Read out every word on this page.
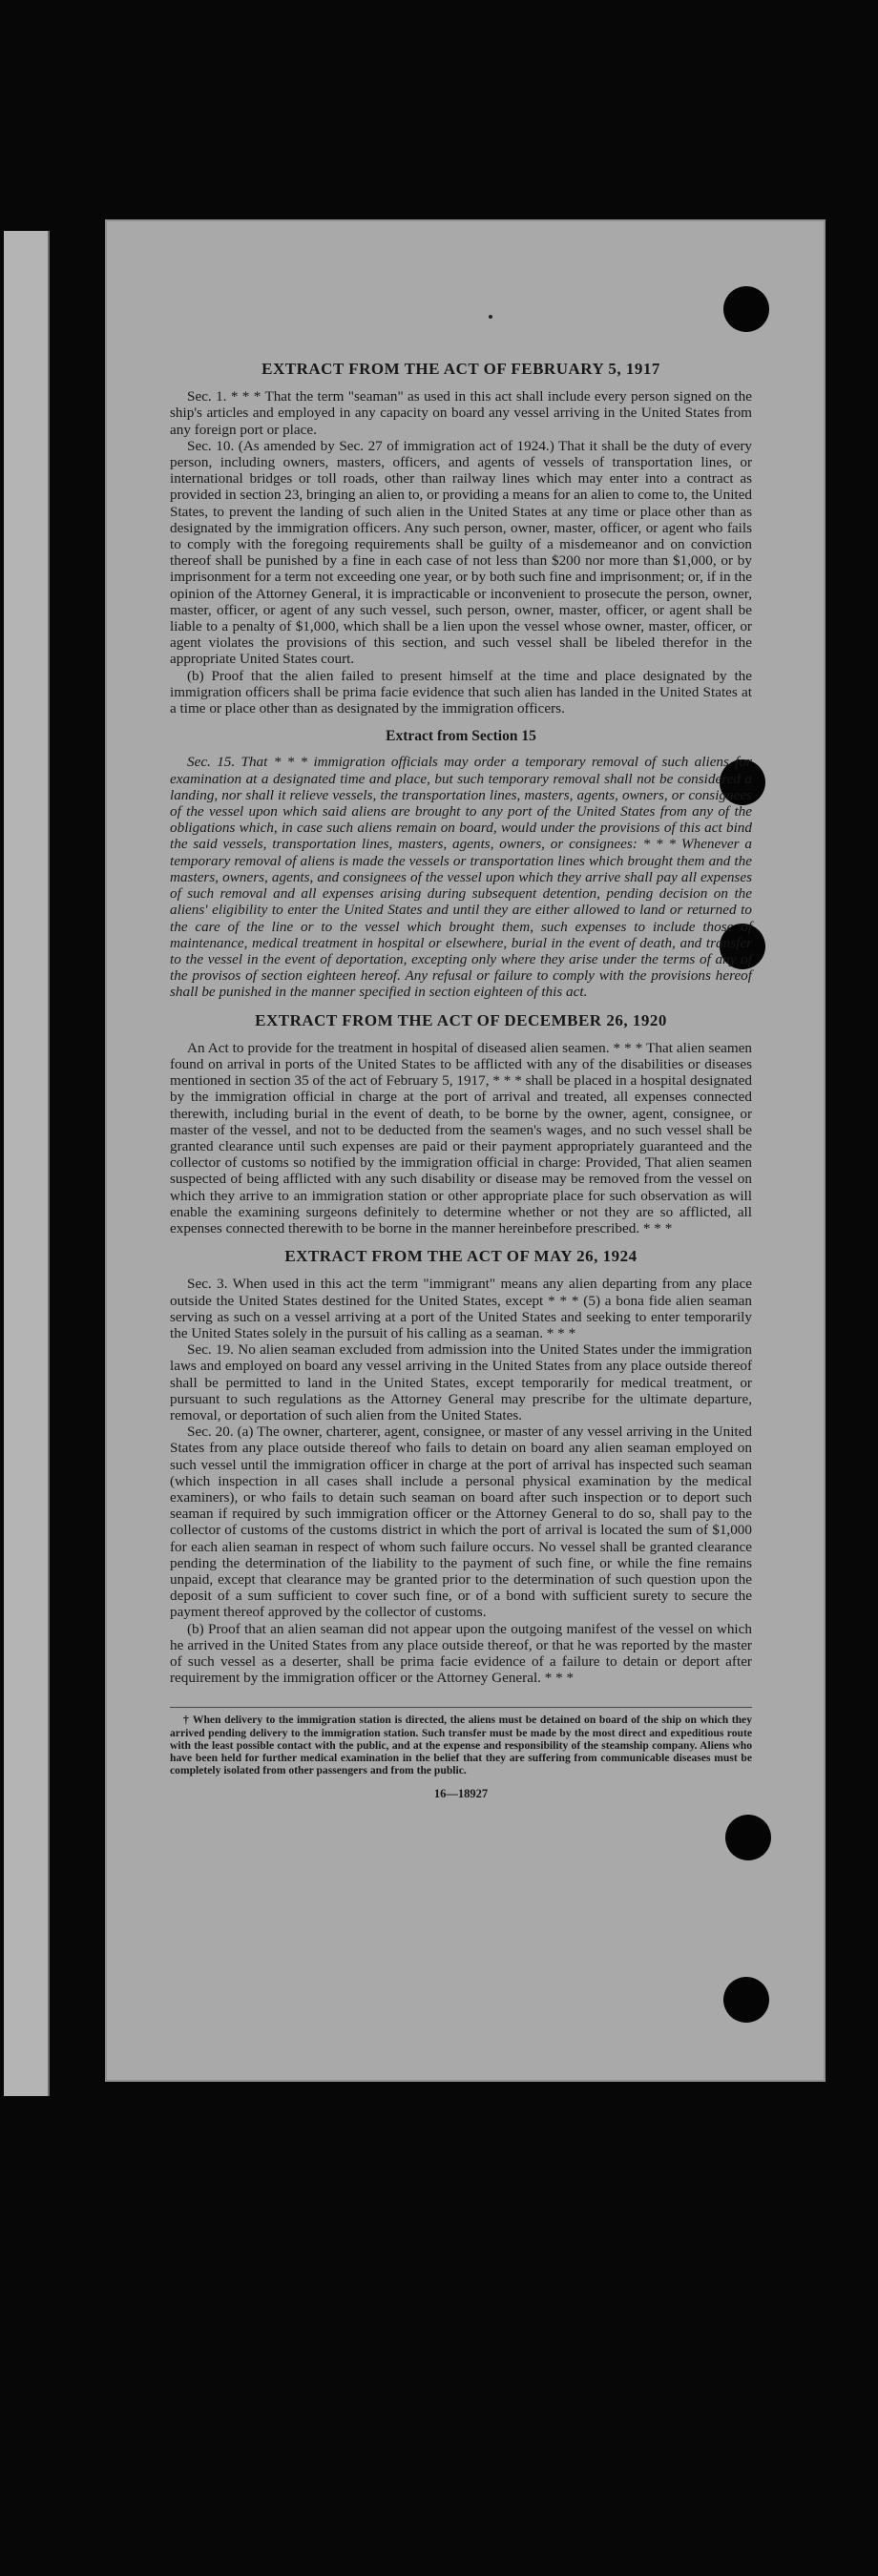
EXTRACT FROM THE ACT OF FEBRUARY 5, 1917

Sec. 1. * * * That the term "seaman" as used in this act shall include every person signed on the ship's articles and employed in any capacity on board any vessel arriving in the United States from any foreign port or place.

Sec. 10. (As amended by Sec. 27 of immigration act of 1924.) That it shall be the duty of every person, including owners, masters, officers, and agents of vessels of transportation lines, or international bridges or toll roads, other than railway lines which may enter into a contract as provided in section 23, bringing an alien to, or providing a means for an alien to come to, the United States, to prevent the landing of such alien in the United States at any time or place other than as designated by the immigration officers. Any such person, owner, master, officer, or agent who fails to comply with the foregoing requirements shall be guilty of a misdemeanor and on conviction thereof shall be punished by a fine in each case of not less than $200 nor more than $1,000, or by imprisonment for a term not exceeding one year, or by both such fine and imprisonment; or, if in the opinion of the Attorney General, it is impracticable or inconvenient to prosecute the person, owner, master, officer, or agent of any such vessel, such person, owner, master, officer, or agent shall be liable to a penalty of $1,000, which shall be a lien upon the vessel whose owner, master, officer, or agent violates the provisions of this section, and such vessel shall be libeled therefor in the appropriate United States court.

(b) Proof that the alien failed to present himself at the time and place designated by the immigration officers shall be prima facie evidence that such alien has landed in the United States at a time or place other than as designated by the immigration officers.

Extract from Section 15

Sec. 15. That * * * immigration officials may order a temporary removal of such aliens for examination at a designated time and place, but such temporary removal shall not be considered a landing, nor shall it relieve vessels, the transportation lines, masters, agents, owners, or consignees of the vessel upon which said aliens are brought to any port of the United States from any of the obligations which, in case such aliens remain on board, would under the provisions of this act bind the said vessels, transportation lines, masters, agents, owners, or consignees: * * * Whenever a temporary removal of aliens is made the vessels or transportation lines which brought them and the masters, owners, agents, and consignees of the vessel upon which they arrive shall pay all expenses of such removal and all expenses arising during subsequent detention, pending decision on the aliens' eligibility to enter the United States and until they are either allowed to land or returned to the care of the line or to the vessel which brought them, such expenses to include those of maintenance, medical treatment in hospital or elsewhere, burial in the event of death, and transfer to the vessel in the event of deportation, excepting only where they arise under the terms of any of the provisos of section eighteen hereof. Any refusal or failure to comply with the provisions hereof shall be punished in the manner specified in section eighteen of this act.

EXTRACT FROM THE ACT OF DECEMBER 26, 1920

An Act to provide for the treatment in hospital of diseased alien seamen. * * * That alien seamen found on arrival in ports of the United States to be afflicted with any of the disabilities or diseases mentioned in section 35 of the act of February 5, 1917, * * * shall be placed in a hospital designated by the immigration official in charge at the port of arrival and treated, all expenses connected therewith, including burial in the event of death, to be borne by the owner, agent, consignee, or master of the vessel, and not to be deducted from the seamen's wages, and no such vessel shall be granted clearance until such expenses are paid or their payment appropriately guaranteed and the collector of customs so notified by the immigration official in charge: Provided, That alien seamen suspected of being afflicted with any such disability or disease may be removed from the vessel on which they arrive to an immigration station or other appropriate place for such observation as will enable the examining surgeons definitely to determine whether or not they are so afflicted, all expenses connected therewith to be borne in the manner hereinbefore prescribed. * * *

EXTRACT FROM THE ACT OF MAY 26, 1924

Sec. 3. When used in this act the term "immigrant" means any alien departing from any place outside the United States destined for the United States, except * * * (5) a bona fide alien seaman serving as such on a vessel arriving at a port of the United States and seeking to enter temporarily the United States solely in the pursuit of his calling as a seaman. * * *

Sec. 19. No alien seaman excluded from admission into the United States under the immigration laws and employed on board any vessel arriving in the United States from any place outside thereof shall be permitted to land in the United States, except temporarily for medical treatment, or pursuant to such regulations as the Attorney General may prescribe for the ultimate departure, removal, or deportation of such alien from the United States.

Sec. 20. (a) The owner, charterer, agent, consignee, or master of any vessel arriving in the United States from any place outside thereof who fails to detain on board any alien seaman employed on such vessel until the immigration officer in charge at the port of arrival has inspected such seaman (which inspection in all cases shall include a personal physical examination by the medical examiners), or who fails to detain such seaman on board after such inspection or to deport such seaman if required by such immigration officer or the Attorney General to do so, shall pay to the collector of customs of the customs district in which the port of arrival is located the sum of $1,000 for each alien seaman in respect of whom such failure occurs. No vessel shall be granted clearance pending the determination of the liability to the payment of such fine, or while the fine remains unpaid, except that clearance may be granted prior to the determination of such question upon the deposit of a sum sufficient to cover such fine, or of a bond with sufficient surety to secure the payment thereof approved by the collector of customs.

(b) Proof that an alien seaman did not appear upon the outgoing manifest of the vessel on which he arrived in the United States from any place outside thereof, or that he was reported by the master of such vessel as a deserter, shall be prima facie evidence of a failure to detain or deport after requirement by the immigration officer or the Attorney General. * * *

† When delivery to the immigration station is directed, the aliens must be detained on board of the ship on which they arrived pending delivery to the immigration station. Such transfer must be made by the most direct and expeditious route with the least possible contact with the public, and at the expense and responsibility of the steamship company. Aliens who have been held for further medical examination in the belief that they are suffering from communicable diseases must be completely isolated from other passengers and from the public.
16—18927
